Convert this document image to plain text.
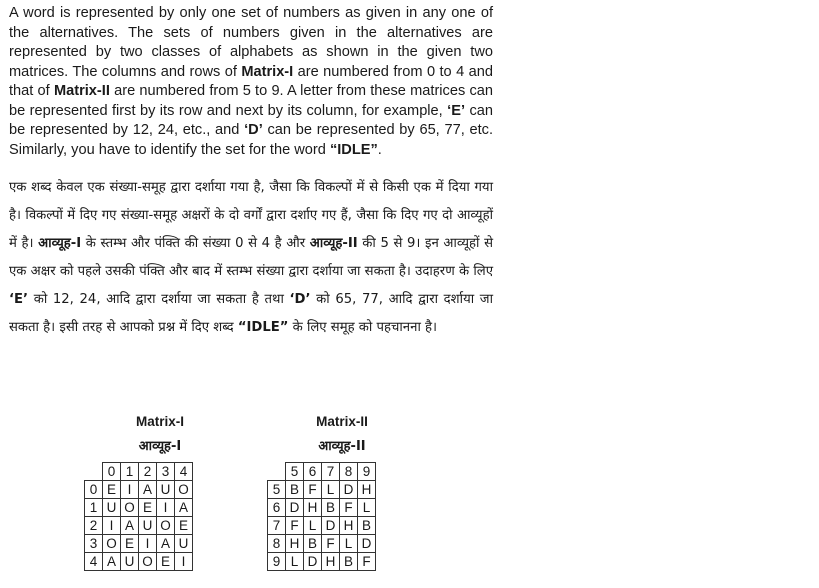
A word is represented by only one set of numbers as given in any one of the alternatives. The sets of numbers given in the alternatives are represented by two classes of alphabets as shown in the given two matrices. The columns and rows of Matrix-I are numbered from 0 to 4 and that of Matrix-II are numbered from 5 to 9. A letter from these matrices can be represented first by its row and next by its column, for example, ‘E’ can be represented by 12, 24, etc., and ‘D’ can be represented by 65, 77, etc. Similarly, you have to identify the set for the word “IDLE”.

एक शब्द केवल एक संख्या-समूह द्वारा दर्शाया गया है, जैसा कि विकल्पों में से किसी एक में दिया गया है। विकल्पों में दिए गए संख्या-समूह अक्षरों के दो वर्गों द्वारा दर्शाए गए हैं, जैसा कि दिए गए दो आव्यूहों में है। आव्यूह-I के स्तम्भ और पंक्ति की संख्या 0 से 4 है और आव्यूह-II की 5 से 9। इन आव्यूहों से एक अक्षर को पहले उसकी पंक्ति और बाद में स्तम्भ संख्या द्वारा दर्शाया जा सकता है। उदाहरण के लिए ‘E’ को 12, 24, आदि द्वारा दर्शाया जा सकता है तथा ‘D’ को 65, 77, आदि द्वारा दर्शाया जा सकता है। इसी तरह से आपको प्रश्न में दिए शब्द “IDLE” के लिए समूह को पहचानना है।

Matrix-I
आव्यूह-I
Matrix-II
आव्यूह-II
	0	1	2	3	4
0	E	I	A	U	O
1	U	O	E	I	A
2	I	A	U	O	E
3	O	E	I	A	U
4	A	U	O	E	I
	5	6	7	8	9
5	B	F	L	D	H
6	D	H	B	F	L
7	F	L	D	H	B
8	H	B	F	L	D
9	L	D	H	B	F
